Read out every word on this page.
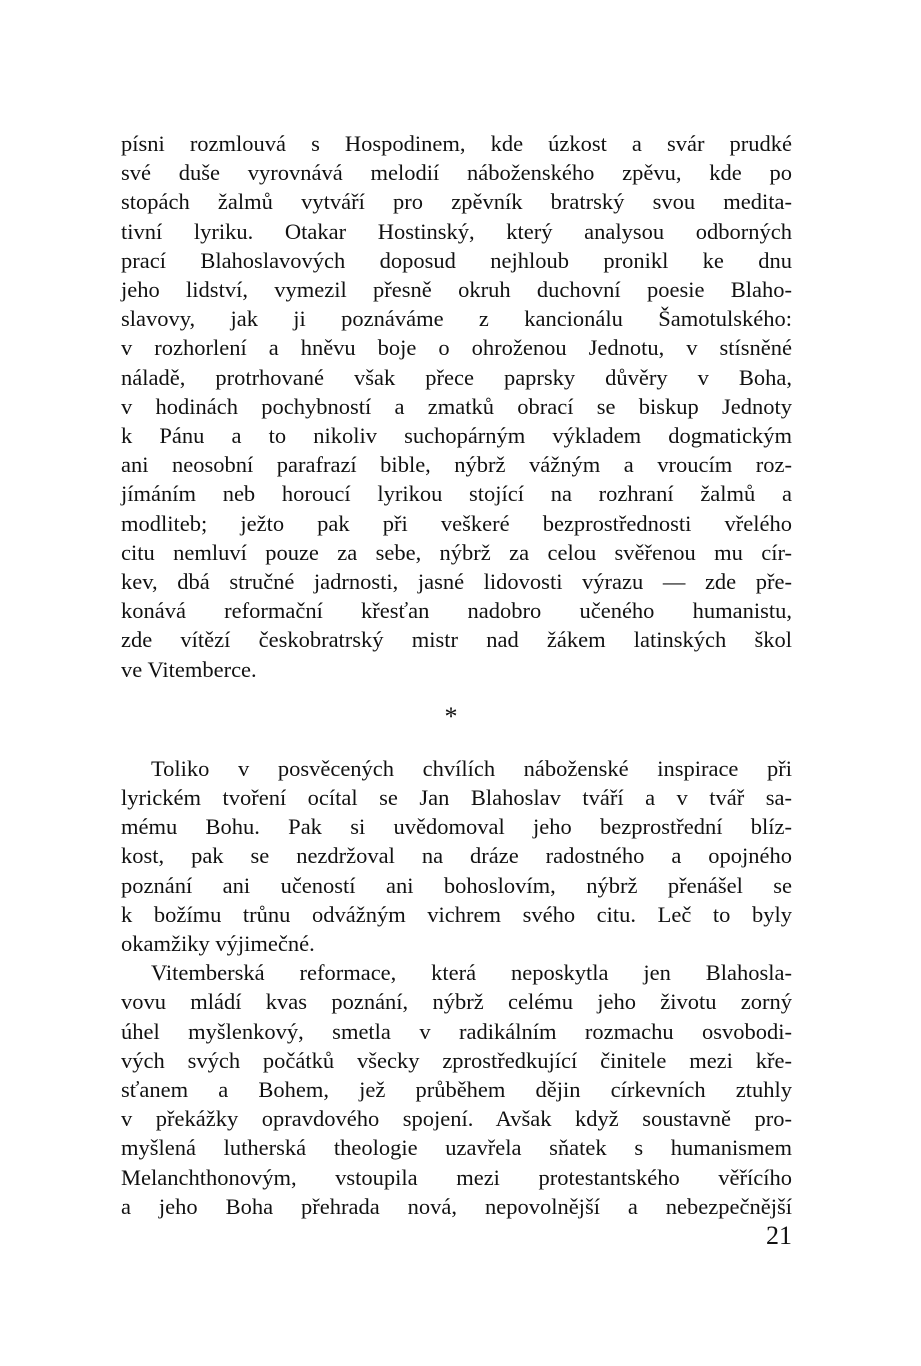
písni rozmlouvá s Hospodinem, kde úzkost a svár prudké
své duše vyrovnává melodií náboženského zpěvu, kde po
stopách žalmů vytváří pro zpěvník bratrský svou medita-
tivní lyriku. Otakar Hostinský, který analysou odborných
prací Blahoslavových doposud nejhloub pronikl ke dnu
jeho lidství, vymezil přesně okruh duchovní poesie Blaho-
slavovy, jak ji poznáváme z kancionálu Šamotulského:
v rozhorlení a hněvu boje o ohroženou Jednotu, v stísněné
náladě, protrhované však přece paprsky důvěry v Boha,
v hodinách pochybností a zmatků obrací se biskup Jednoty
k Pánu a to nikoliv suchopárným výkladem dogmatickým
ani neosobní parafrazí bible, nýbrž vážným a vroucím roz-
jímáním neb horoucí lyrikou stojící na rozhraní žalmů a
modliteb; ježto pak při veškeré bezprostřednosti vřelého
citu nemluví pouze za sebe, nýbrž za celou svěřenou mu cír-
kev, dbá stručné jadrnosti, jasné lidovosti výrazu — zde pře-
konává reformační křesťan nadobro učeného humanistu,
zde vítězí českobratrský mistr nad žákem latinských škol
ve Vitemberce.
*
Toliko v posvěcených chvílích náboženské inspirace při
lyrickém tvoření ocítal se Jan Blahoslav tváří a v tvář sa-
mému Bohu. Pak si uvědomoval jeho bezprostřední blíz-
kost, pak se nezdržoval na dráze radostného a opojného
poznání ani učeností ani bohoslovím, nýbrž přenášel se
k božímu trůnu odvážným vichrem svého citu. Leč to byly
okamžiky výjimečné.
Vitemberská reformace, která neposkytla jen Blahosla-
vovu mládí kvas poznání, nýbrž celému jeho životu zorný
úhel myšlenkový, smetla v radikálním rozmachu osvobodi-
vých svých počátků všecky zprostředkující činitele mezi kře-
sťanem a Bohem, jež průběhem dějin církevních ztuhly
v překážky opravdového spojení. Avšak když soustavně pro-
myšlená lutherská theologie uzavřela sňatek s humanismem
Melanchthonovým, vstoupila mezi protestantského věřícího
a jeho Boha přehrada nová, nepovolnější a nebezpečnější
21
